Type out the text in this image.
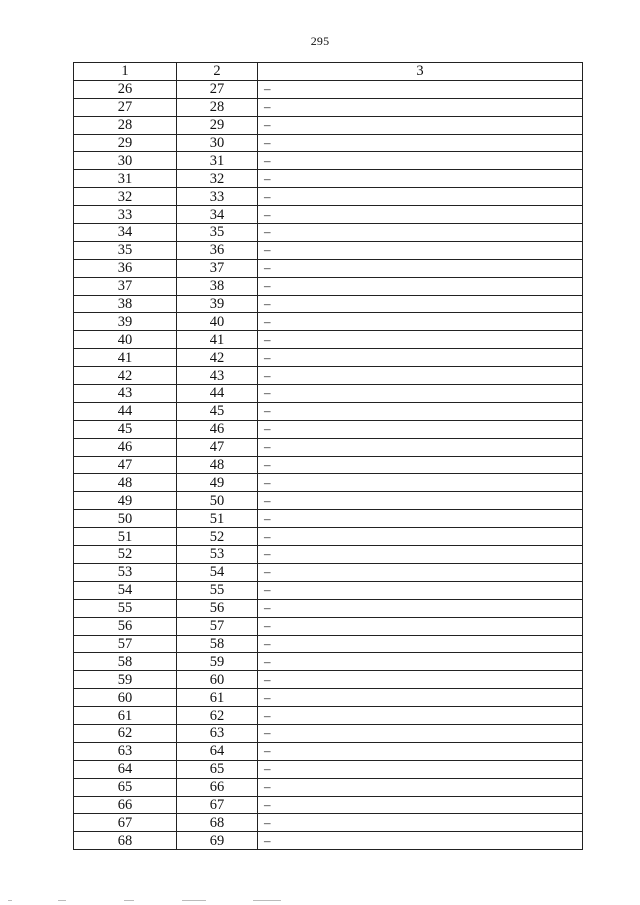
295
1	2	3
26	27	–
27	28	–
28	29	–
29	30	–
30	31	–
31	32	–
32	33	–
33	34	–
34	35	–
35	36	–
36	37	–
37	38	–
38	39	–
39	40	–
40	41	–
41	42	–
42	43	–
43	44	–
44	45	–
45	46	–
46	47	–
47	48	–
48	49	–
49	50	–
50	51	–
51	52	–
52	53	–
53	54	–
54	55	–
55	56	–
56	57	–
57	58	–
58	59	–
59	60	–
60	61	–
61	62	–
62	63	–
63	64	–
64	65	–
65	66	–
66	67	–
67	68	–
68	69	–
